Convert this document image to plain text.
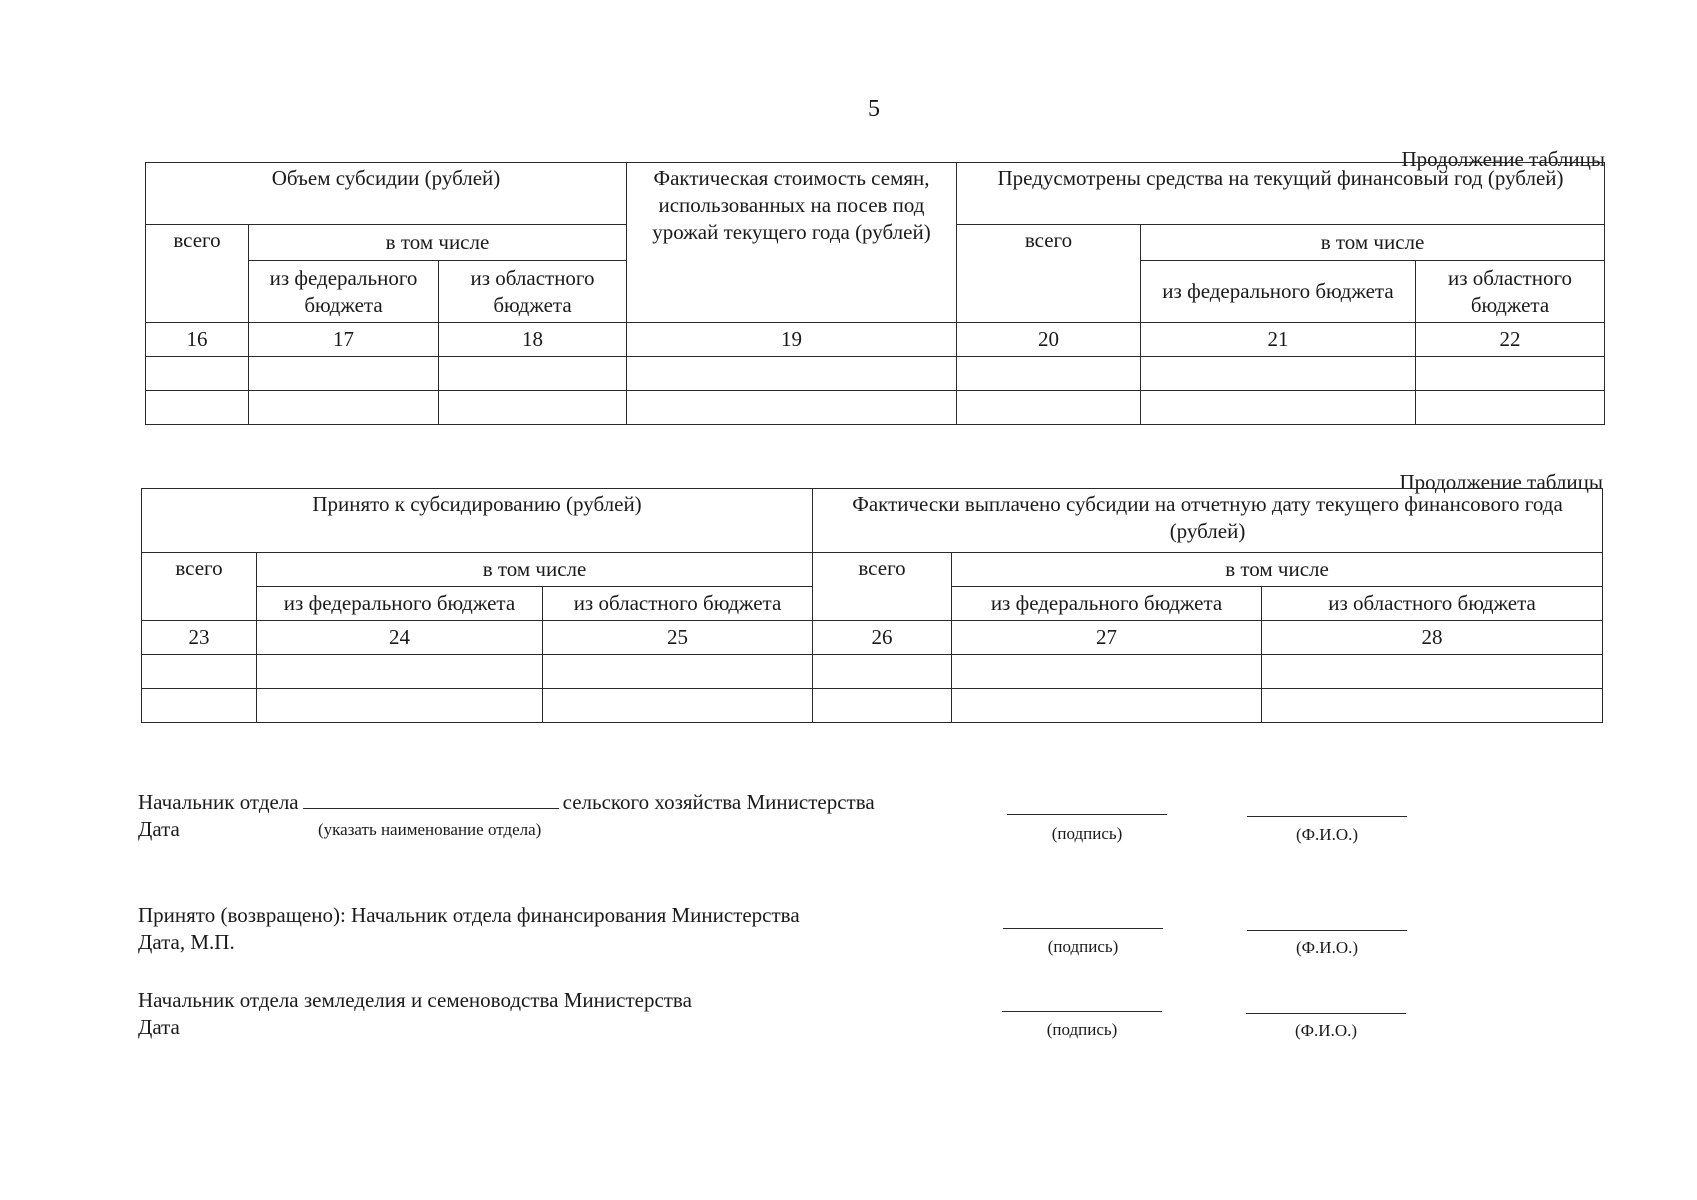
5
Продолжение таблицы
Объем субсидии (рублей)			Фактическая стоимость семян, использованных на посев под урожай текущего года (рублей)	Предусмотрены средства на текущий финансовый год (рублей)		
всего	в том числе			всего	в том числе	
	из федерального бюджета	из областного бюджета			из федерального бюджета	из областного бюджета
16	17	18	19	20	21	22

Продолжение таблицы
Принято к субсидированию (рублей)			Фактически выплачено субсидии на отчетную дату текущего финансового года (рублей)		
всего	в том числе		всего	в том числе	
	из федерального бюджета	из областного бюджета		из федерального бюджета	из областного бюджета
23	24	25	26	27	28

Начальник отдела	сельского хозяйства Министерства
Дата	(указать наименование отдела)	(подпись)	(Ф.И.О.)
Принято (возвращено): Начальник отдела финансирования Министерства
Дата, М.П.	(подпись)	(Ф.И.О.)
Начальник отдела земледелия и семеноводства Министерства
Дата	(подпись)	(Ф.И.О.)
